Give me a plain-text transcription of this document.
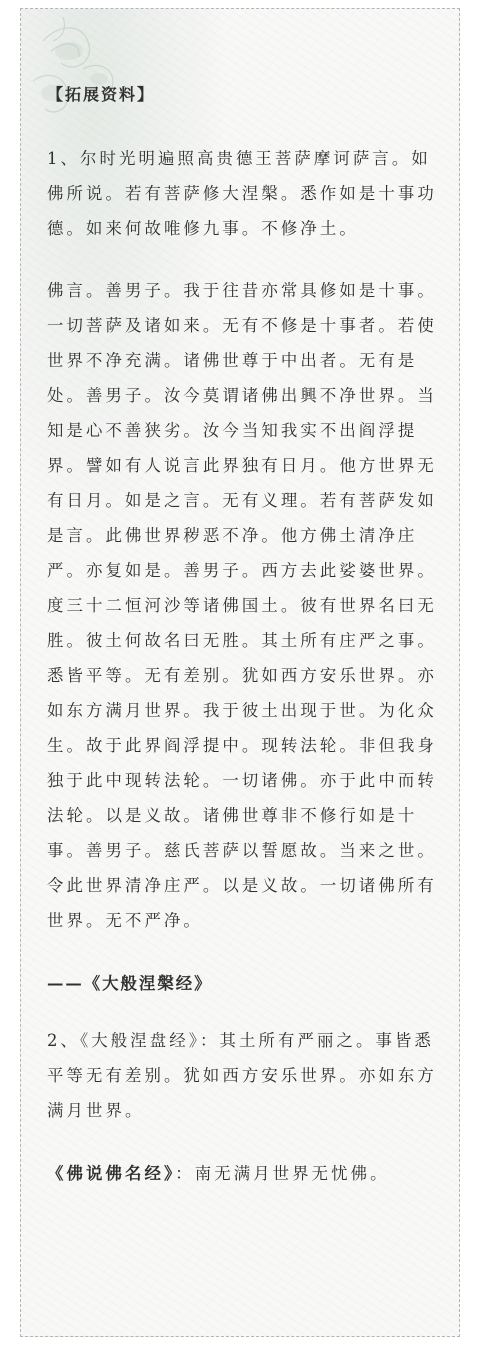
【拓展资料】

1、尔时光明遍照高贵德王菩萨摩诃萨言。如佛所说。若有菩萨修大涅槃。悉作如是十事功德。如来何故唯修九事。不修净土。

佛言。善男子。我于往昔亦常具修如是十事。一切菩萨及诸如来。无有不修是十事者。若使世界不净充满。诸佛世尊于中出者。无有是处。善男子。汝今莫谓诸佛出興不净世界。当知是心不善狭劣。汝今当知我实不出阎浮提界。譬如有人说言此界独有日月。他方世界无有日月。如是之言。无有义理。若有菩萨发如是言。此佛世界秽恶不净。他方佛土清净庄严。亦复如是。善男子。西方去此娑婆世界。度三十二恒河沙等诸佛国土。彼有世界名曰无胜。彼土何故名曰无胜。其土所有庄严之事。悉皆平等。无有差别。犹如西方安乐世界。亦如东方满月世界。我于彼土出现于世。为化众生。故于此界阎浮提中。现转法轮。非但我身独于此中现转法轮。一切诸佛。亦于此中而转法轮。以是义故。诸佛世尊非不修行如是十事。善男子。慈氏菩萨以誓愿故。当来之世。令此世界清净庄严。以是义故。一切诸佛所有世界。无不严净。

——《大般涅槃经》

2、《大般涅盘经》：其土所有严丽之。事皆悉平等无有差别。犹如西方安乐世界。亦如东方满月世界。

《佛说佛名经》：南无满月世界无忧佛。
